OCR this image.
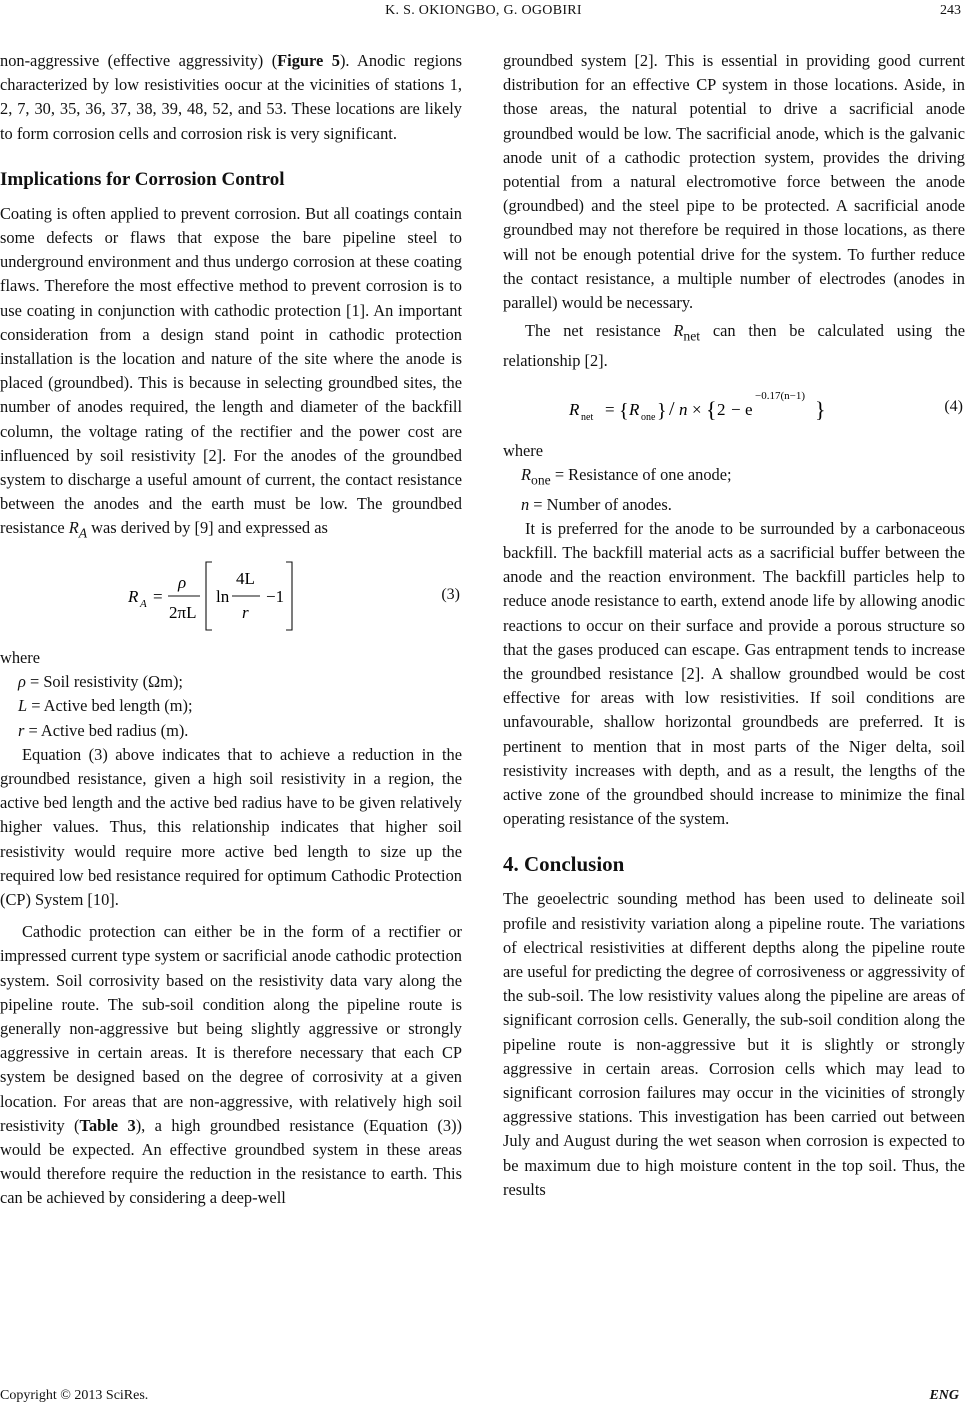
K. S. OKIONGBO, G. OGOBIRI	243

non-aggressive (effective aggressivity) (Figure 5). Anodic regions characterized by low resistivities oocur at the vicinities of stations 1, 2, 7, 30, 35, 36, 37, 38, 39, 48, 52, and 53. These locations are likely to form corrosion cells and corrosion risk is very significant.

Implications for Corrosion Control

Coating is often applied to prevent corrosion. But all coatings contain some defects or flaws that expose the bare pipeline steel to underground environment and thus undergo corrosion at these coating flaws. Therefore the most effective method to prevent corrosion is to use coating in conjunction with cathodic protection [1]. An important consideration from a design stand point in cathodic protection installation is the location and nature of the site where the anode is placed (groundbed). This is because in selecting groundbed sites, the number of anodes required, the length and diameter of the backfill column, the voltage rating of the rectifier and the power cost are influenced by soil resistivity [2]. For the anodes of the groundbed system to discharge a useful amount of current, the contact resistance between the anodes and the earth must be low. The groundbed resistance $R_A$ was derived by [9] and expressed as

R A =
ρ
2πL
ln
4L
r
−1	(3)

where

ρ = Soil resistivity (Ωm);

L = Active bed length (m);

r = Active bed radius (m).

Equation (3) above indicates that to achieve a reduction in the groundbed resistance, given a high soil resistivity in a region, the active bed length and the active bed radius have to be given relatively higher values. Thus, this relationship indicates that higher soil resistivity would require more active bed length to size up the required low bed resistance required for optimum Cathodic Protection (CP) System [10].

Cathodic protection can either be in the form of a rectifier or impressed current type system or sacrificial anode cathodic protection system. Soil corrosivity based on the resistivity data vary along the pipeline route. The sub-soil condition along the pipeline route is generally non-aggressive but being slightly aggressive or strongly aggressive in certain areas. It is therefore necessary that each CP system be designed based on the degree of corrosivity at a given location. For areas that are non-aggressive, with relatively high soil resistivity (Table 3), a high groundbed resistance (Equation (3)) would be expected. An effective groundbed system in these areas would therefore require the reduction in the resistance to earth. This can be achieved by considering a deep-well

groundbed system [2]. This is essential in providing good current distribution for an effective CP system in those locations. Aside, in those areas, the natural potential to drive a sacrificial anode groundbed would be low. The sacrificial anode, which is the galvanic anode unit of a cathodic protection system, provides the driving potential from a natural electromotive force between the anode (groundbed) and the steel pipe to be protected. A sacrificial anode groundbed may not therefore be required in those locations, as there will not be enough potential drive for the system. To further reduce the contact resistance, a multiple number of electrodes (anodes in parallel) would be necessary.

The net resistance $R_{net}$ can then be calculated using the relationship [2].

R net = { R one } / n × { 2 − e
−0.17(n−1)
}	(4)

where

$R_{one}$ = Resistance of one anode;

n = Number of anodes.

It is preferred for the anode to be surrounded by a carbonaceous backfill. The backfill material acts as a sacrificial buffer between the anode and the reaction environment. The backfill particles help to reduce anode resistance to earth, extend anode life by allowing anodic reactions to occur on their surface and provide a porous structure so that the gases produced can escape. Gas entrapment tends to increase the groundbed resistance [2]. A shallow groundbed would be cost effective for areas with low resistivities. If soil conditions are unfavourable, shallow horizontal groundbeds are preferred. It is pertinent to mention that in most parts of the Niger delta, soil resistivity increases with depth, and as a result, the lengths of the active zone of the groundbed should increase to minimize the final operating resistance of the system.

4. Conclusion

The geoelectric sounding method has been used to delineate soil profile and resistivity variation along a pipeline route. The variations of electrical resistivities at different depths along the pipeline route are useful for predicting the degree of corrosiveness or aggressivity of the sub-soil. The low resistivity values along the pipeline are areas of significant corrosion cells. Generally, the sub-soil condition along the pipeline route is non-aggressive but it is slightly or strongly aggressive in certain areas. Corrosion cells which may lead to significant corrosion failures may occur in the vicinities of strongly aggressive stations. This investigation has been carried out between July and August during the wet season when corrosion is expected to be maximum due to high moisture content in the top soil. Thus, the results

Copyright © 2013 SciRes.	ENG
